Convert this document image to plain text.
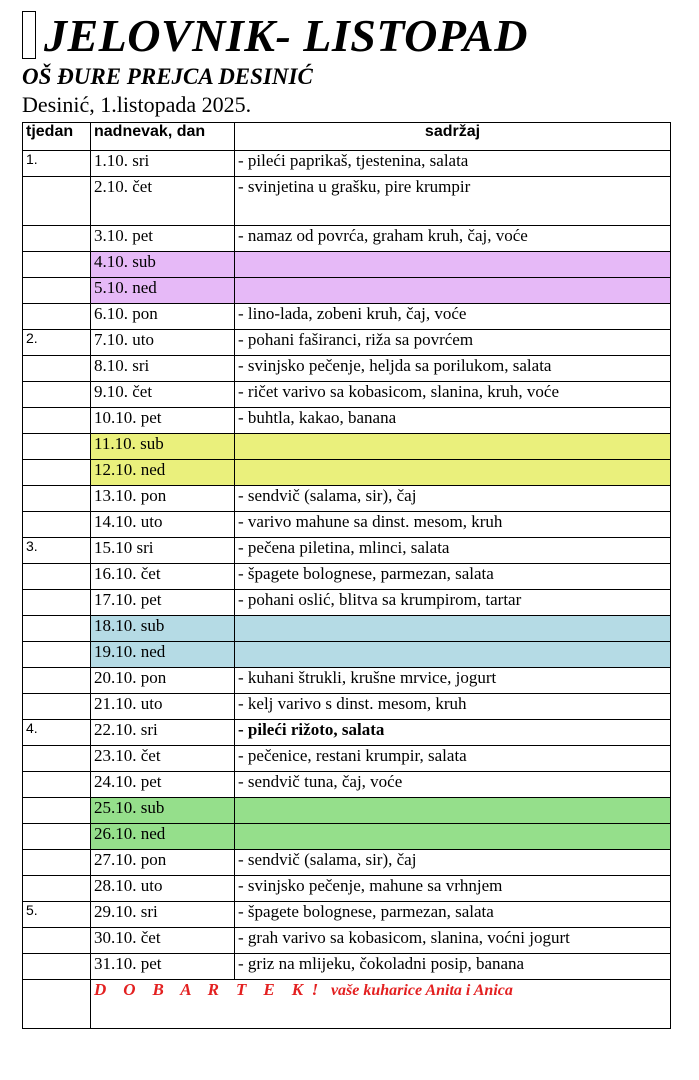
JELOVNIK- LISTOPAD
OŠ ĐURE PREJCA DESINIĆ
Desinić, 1.listopada 2025.
tjedan	nadnevak, dan	sadržaj
1.	1.10. sri	- pileći paprikaš, tjestenina, salata
	2.10. čet	- svinjetina u grašku, pire krumpir
	3.10. pet	- namaz od povrća, graham kruh, čaj, voće
	4.10. sub	
	5.10. ned	
	6.10. pon	- lino-lada, zobeni kruh, čaj, voće
2.	7.10. uto	- pohani faširanci, riža sa povrćem
	8.10. sri	- svinjsko pečenje, heljda sa porilukom, salata
	9.10. čet	- ričet varivo sa kobasicom, slanina, kruh, voće
	10.10. pet	- buhtla, kakao, banana
	11.10. sub	
	12.10. ned	
	13.10. pon	- sendvič (salama, sir), čaj
	14.10. uto	- varivo mahune sa dinst. mesom, kruh
3.	15.10 sri	- pečena piletina, mlinci, salata
	16.10. čet	- špagete bolognese, parmezan, salata
	17.10. pet	- pohani oslić, blitva sa krumpirom, tartar
	18.10. sub	
	19.10. ned	
	20.10. pon	- kuhani štrukli, krušne mrvice, jogurt
	21.10. uto	- kelj varivo s dinst. mesom, kruh
4.	22.10. sri	- pileći rižoto, salata
	23.10. čet	- pečenice, restani krumpir, salata
	24.10. pet	- sendvič tuna, čaj, voće
	25.10. sub	
	26.10. ned	
	27.10. pon	- sendvič (salama, sir), čaj
	28.10. uto	- svinjsko pečenje, mahune sa vrhnjem
5.	29.10. sri	- špagete bolognese, parmezan, salata
	30.10. čet	- grah varivo sa kobasicom, slanina, voćni jogurt
	31.10. pet	- griz na mlijeku, čokoladni posip, banana
	D    O    B    A    R    T    E    K  ! vaše kuharice Anita i Anica	
